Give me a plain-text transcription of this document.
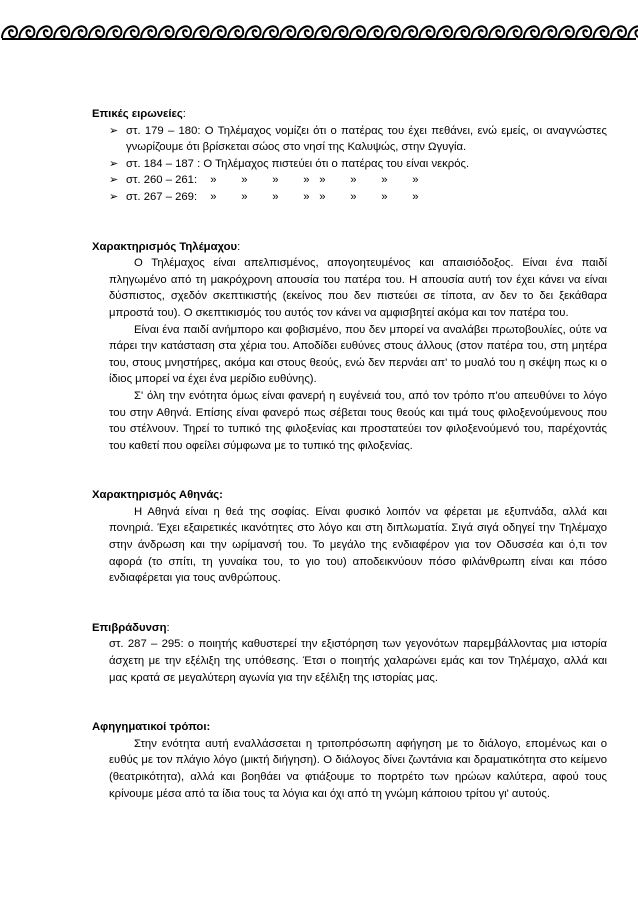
Επικές ειρωνείες:
➢ στ. 179 – 180: Ο Τηλέμαχος νομίζει ότι ο πατέρας του έχει πεθάνει, ενώ εμείς, οι αναγνώστες γνωρίζουμε ότι βρίσκεται σώος στο νησί της Καλυψώς, στην Ωγυγία.
➢ στ. 184 – 187 : Ο Τηλέμαχος πιστεύει ότι ο πατέρας του είναι νεκρός.
➢ στ. 260 – 261: » » » » » » » »
➢ στ. 267 – 269: » » » » » » » »
Χαρακτηρισμός Τηλέμαχου:
Ο Τηλέμαχος είναι απελπισμένος, απογοητευμένος και απαισιόδοξος. Είναι ένα παιδί πληγωμένο από τη μακρόχρονη απουσία του πατέρα του. Η απουσία αυτή τον έχει κάνει να είναι δύσπιστος, σχεδόν σκεπτικιστής (εκείνος που δεν πιστεύει σε τίποτα, αν δεν το δει ξεκάθαρα μπροστά του). Ο σκεπτικισμός του αυτός τον κάνει να αμφισβητεί ακόμα και τον πατέρα του.
Είναι ένα παιδί ανήμπορο και φοβισμένο, που δεν μπορεί να αναλάβει πρωτοβουλίες, ούτε να πάρει την κατάσταση στα χέρια του. Αποδίδει ευθύνες στους άλλους (στον πατέρα του, στη μητέρα του, στους μνηστήρες, ακόμα και στους θεούς, ενώ δεν περνάει απ' το μυαλό του η σκέψη πως κι ο ίδιος μπορεί να έχει ένα μερίδιο ευθύνης).
Σ' όλη την ενότητα όμως είναι φανερή η ευγένειά του, από τον τρόπο π'ου απευθύνει το λόγο του στην Αθηνά. Επίσης είναι φανερό πως σέβεται τους θεούς και τιμά τους φιλοξενούμενους που του στέλνουν. Τηρεί το τυπικό της φιλοξενίας και προστατεύει τον φιλοξενούμενό του, παρέχοντάς του καθετί που οφείλει σύμφωνα με το τυπικό της φιλοξενίας.
Χαρακτηρισμός Αθηνάς:
Η Αθηνά είναι η θεά της σοφίας. Είναι φυσικό λοιπόν να φέρεται με εξυπνάδα, αλλά και πονηριά. Έχει εξαιρετικές ικανότητες στο λόγο και στη διπλωματία. Σιγά σιγά οδηγεί την Τηλέμαχο στην άνδρωση και την ωρίμανσή του. Το μεγάλο της ενδιαφέρον για τον Οδυσσέα και ό,τι τον αφορά (το σπίτι, τη γυναίκα του, το γιο του) αποδεικνύουν πόσο φιλάνθρωπη είναι και πόσο ενδιαφέρεται για τους ανθρώπους.
Επιβράδυνση:
στ. 287 – 295: ο ποιητής καθυστερεί την εξιστόρηση των γεγονότων παρεμβάλλοντας μια ιστορία άσχετη με την εξέλιξη της υπόθεσης. Έτσι ο ποιητής χαλαρώνει εμάς και τον Τηλέμαχο, αλλά και μας κρατά σε μεγαλύτερη αγωνία για την εξέλιξη της ιστορίας μας.
Αφηγηματικοί τρόποι:
Στην ενότητα αυτή εναλλάσσεται η τριτοπρόσωπη αφήγηση με το διάλογο, επομένως και ο ευθύς με τον πλάγιο λόγο (μικτή διήγηση). Ο διάλογος δίνει ζωντάνια και δραματικότητα στο κείμενο (θεατρικότητα), αλλά και βοηθάει να φτιάξουμε το πορτρέτο των ηρώων καλύτερα, αφού τους κρίνουμε μέσα από τα ίδια τους τα λόγια και όχι από τη γνώμη κάποιου τρίτου γι' αυτούς.
